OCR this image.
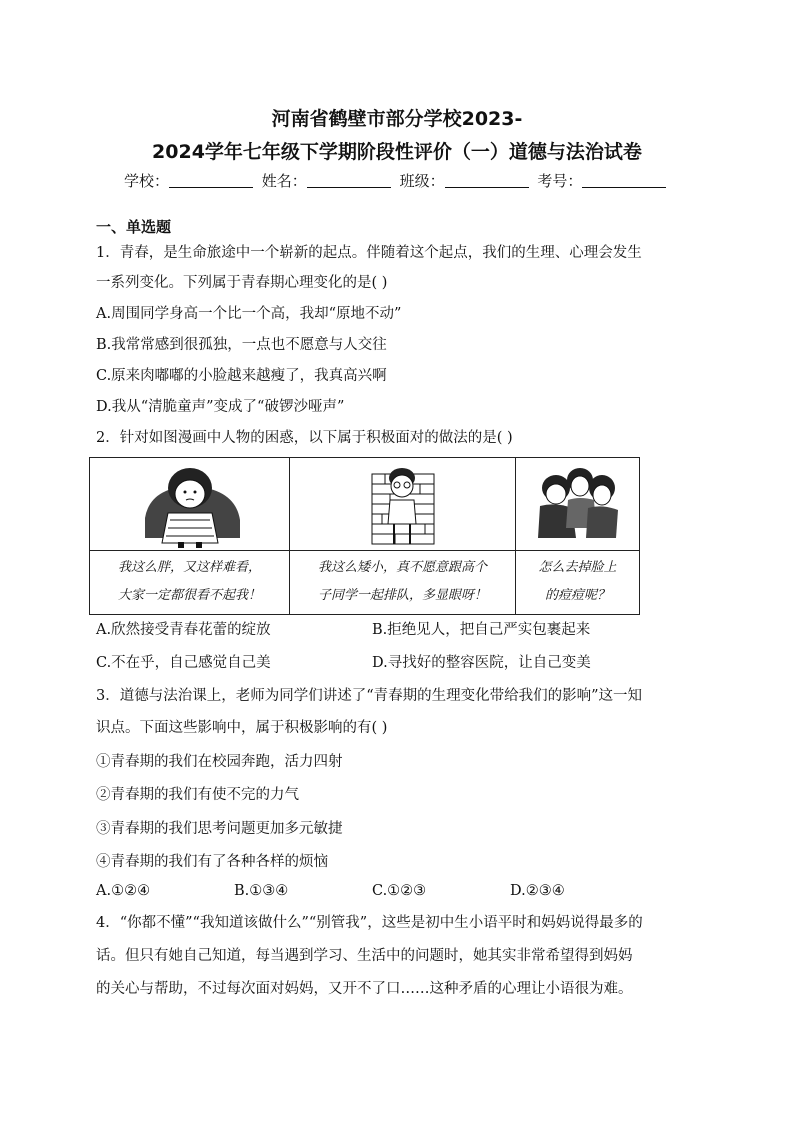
河南省鹤壁市部分学校2023-
2024学年七年级下学期阶段性评价（一）道德与法治试卷
学校：	姓名：	班级：	考号：
一、单选题
1．青春，是生命旅途中一个崭新的起点。伴随着这个起点，我们的生理、心理会发生
一系列变化。下列属于青春期心理变化的是( )
A.周围同学身高一个比一个高，我却“原地不动”
B.我常常感到很孤独，一点也不愿意与人交往
C.原来肉嘟嘟的小脸越来越瘦了，我真高兴啊
D.我从“清脆童声”变成了“破锣沙哑声”
2．针对如图漫画中人物的困惑，以下属于积极面对的做法的是( )
我这么胖，又这样难看，
大家一定都很看不起我！
我这么矮小，真不愿意跟高个
子同学一起排队，多显眼呀！
怎么去掉脸上
的痘痘呢？
A.欣然接受青春花蕾的绽放	B.拒绝见人，把自己严实包裹起来
C.不在乎，自己感觉自己美	D.寻找好的整容医院，让自己变美
3．道德与法治课上，老师为同学们讲述了“青春期的生理变化带给我们的影响”这一知
识点。下面这些影响中，属于积极影响的有( )
①青春期的我们在校园奔跑，活力四射
②青春期的我们有使不完的力气
③青春期的我们思考问题更加多元敏捷
④青春期的我们有了各种各样的烦恼
A.①②④	B.①③④	C.①②③	D.②③④
4．“你都不懂”“我知道该做什么”“别管我”，这些是初中生小语平时和妈妈说得最多的
话。但只有她自己知道，每当遇到学习、生活中的问题时，她其实非常希望得到妈妈
的关心与帮助，不过每次面对妈妈，又开不了口……这种矛盾的心理让小语很为难。
